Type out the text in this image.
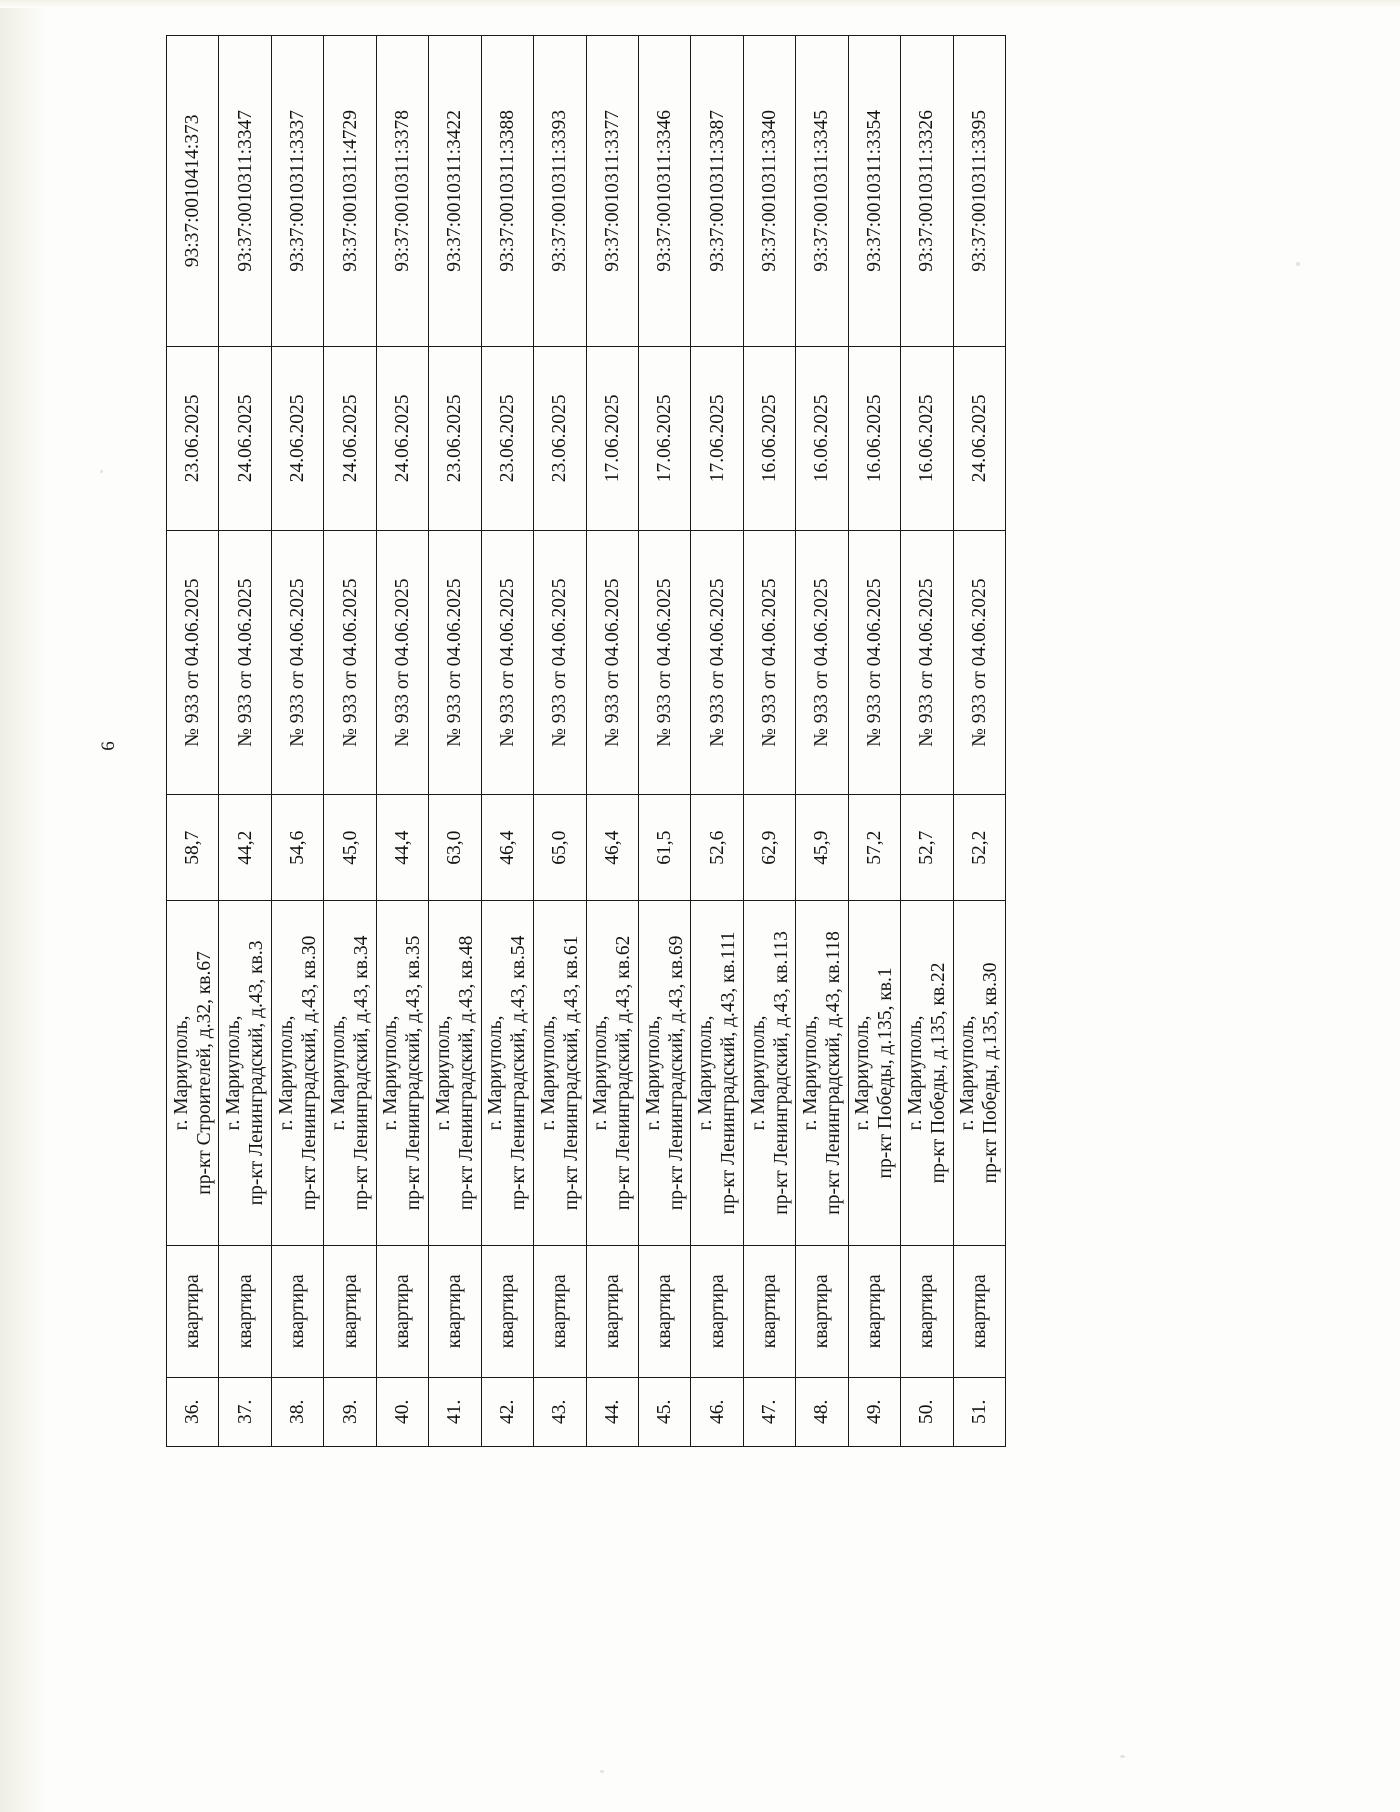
6
36.	квартира	г. Мариуполь, пр-кт Строителей, д.32, кв.67	58,7	№ 933 от 04.06.2025	23.06.2025	93:37:0010414:373
37.	квартира	г. Мариуполь, пр-кт Ленинградский, д.43, кв.3	44,2	№ 933 от 04.06.2025	24.06.2025	93:37:0010311:3347
38.	квартира	г. Мариуполь, пр-кт Ленинградский, д.43, кв.30	54,6	№ 933 от 04.06.2025	24.06.2025	93:37:0010311:3337
39.	квартира	г. Мариуполь, пр-кт Ленинградский, д.43, кв.34	45,0	№ 933 от 04.06.2025	24.06.2025	93:37:0010311:4729
40.	квартира	г. Мариуполь, пр-кт Ленинградский, д.43, кв.35	44,4	№ 933 от 04.06.2025	24.06.2025	93:37:0010311:3378
41.	квартира	г. Мариуполь, пр-кт Ленинградский, д.43, кв.48	63,0	№ 933 от 04.06.2025	23.06.2025	93:37:0010311:3422
42.	квартира	г. Мариуполь, пр-кт Ленинградский, д.43, кв.54	46,4	№ 933 от 04.06.2025	23.06.2025	93:37:0010311:3388
43.	квартира	г. Мариуполь, пр-кт Ленинградский, д.43, кв.61	65,0	№ 933 от 04.06.2025	23.06.2025	93:37:0010311:3393
44.	квартира	г. Мариуполь, пр-кт Ленинградский, д.43, кв.62	46,4	№ 933 от 04.06.2025	17.06.2025	93:37:0010311:3377
45.	квартира	г. Мариуполь, пр-кт Ленинградский, д.43, кв.69	61,5	№ 933 от 04.06.2025	17.06.2025	93:37:0010311:3346
46.	квартира	г. Мариуполь, пр-кт Ленинградский, д.43, кв.111	52,6	№ 933 от 04.06.2025	17.06.2025	93:37:0010311:3387
47.	квартира	г. Мариуполь, пр-кт Ленинградский, д.43, кв.113	62,9	№ 933 от 04.06.2025	16.06.2025	93:37:0010311:3340
48.	квартира	г. Мариуполь, пр-кт Ленинградский, д.43, кв.118	45,9	№ 933 от 04.06.2025	16.06.2025	93:37:0010311:3345
49.	квартира	г. Мариуполь, пр-кт Победы, д.135, кв.1	57,2	№ 933 от 04.06.2025	16.06.2025	93:37:0010311:3354
50.	квартира	г. Мариуполь, пр-кт Победы, д.135, кв.22	52,7	№ 933 от 04.06.2025	16.06.2025	93:37:0010311:3326
51.	квартира	г. Мариуполь, пр-кт Победы, д.135, кв.30	52,2	№ 933 от 04.06.2025	24.06.2025	93:37:0010311:3395
